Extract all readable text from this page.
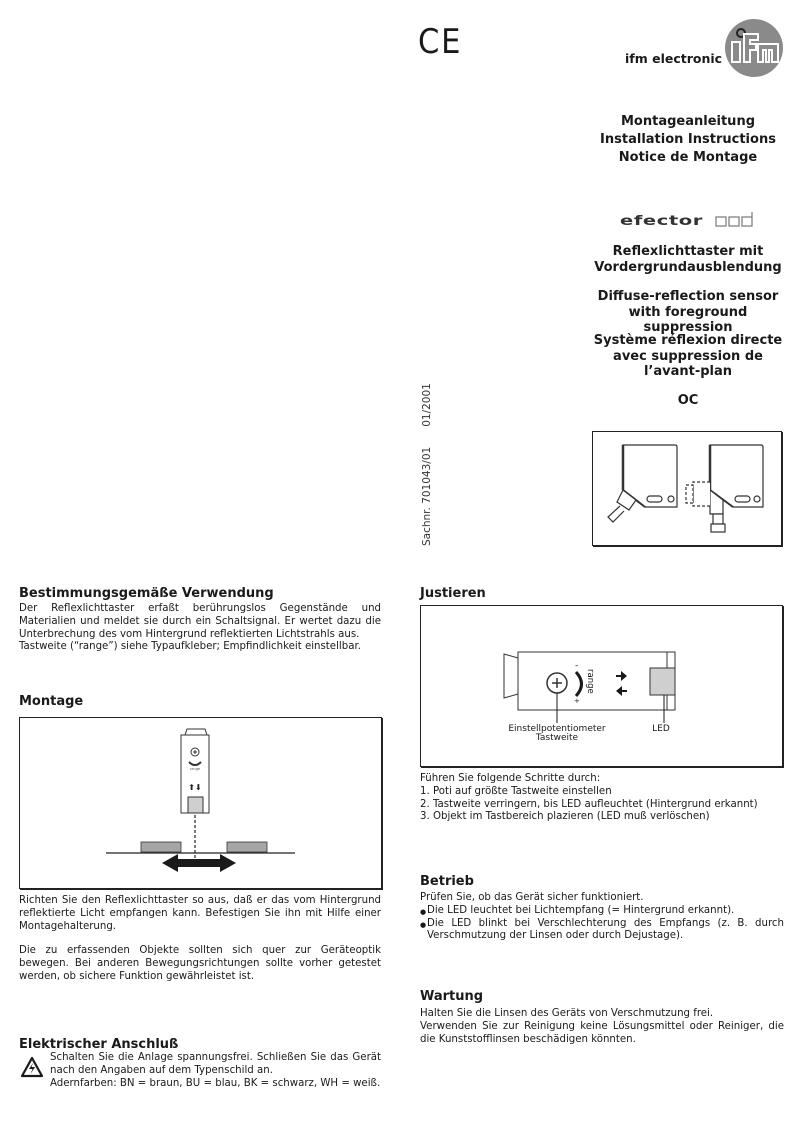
CE	ifm electronic
Montageanleitung
Installation Instructions
Notice de Montage
efector
Reflexlichttaster mit
Vordergrundausblendung
Diffuse-reflection sensor
with foreground suppression
Système réflexion directe
avec suppression de
l’avant-plan
OC
Sachnr. 701043/01      01/2001
Bestimmungsgemäße Verwendung

Der Reflexlichttaster erfaßt berührungslos Gegenstände und Materialien und meldet sie durch ein Schaltsignal. Er wertet dazu die Unterbrechung des vom Hintergrund reflektierten Lichtstrahls aus.

Tastweite (“range”) siehe Typaufkleber; Empfindlichkeit einstellbar.

Montage
range
⬆⬇

Richten Sie den Reflexlichttaster so aus, daß er das vom Hintergrund reflektierte Licht empfangen kann. Befestigen Sie ihn mit Hilfe einer Montagehalterung.

Die zu erfassenden Objekte sollten sich quer zur Geräteoptik bewegen. Bei anderen Bewegungsrichtungen sollte vorher getestet werden, ob sichere Funktion gewährleistet ist.

Elektrischer Anschluß

Schalten Sie die Anlage spannungsfrei. Schließen Sie das Gerät nach den Angaben auf dem Typenschild an.

Adernfarben: BN = braun, BU = blau, BK = schwarz, WH = weiß.

Justieren
-
+
range
Einstellpotentiometer
Tastweite
LED

Führen Sie folgende Schritte durch:

1. Poti auf größte Tastweite einstellen

2. Tastweite verringern, bis LED aufleuchtet (Hintergrund erkannt)

3. Objekt im Tastbereich plazieren (LED muß verlöschen)

Betrieb

Prüfen Sie, ob das Gerät sicher funktioniert.

● Die LED leuchtet bei Lichtempfang (= Hintergrund erkannt).

● Die LED blinkt bei Verschlechterung des Empfangs (z. B. durch Verschmutzung der Linsen oder durch Dejustage).

Wartung

Halten Sie die Linsen des Geräts von Verschmutzung frei.

Verwenden Sie zur Reinigung keine Lösungsmittel oder Reiniger, die die Kunststofflinsen beschädigen könnten.
